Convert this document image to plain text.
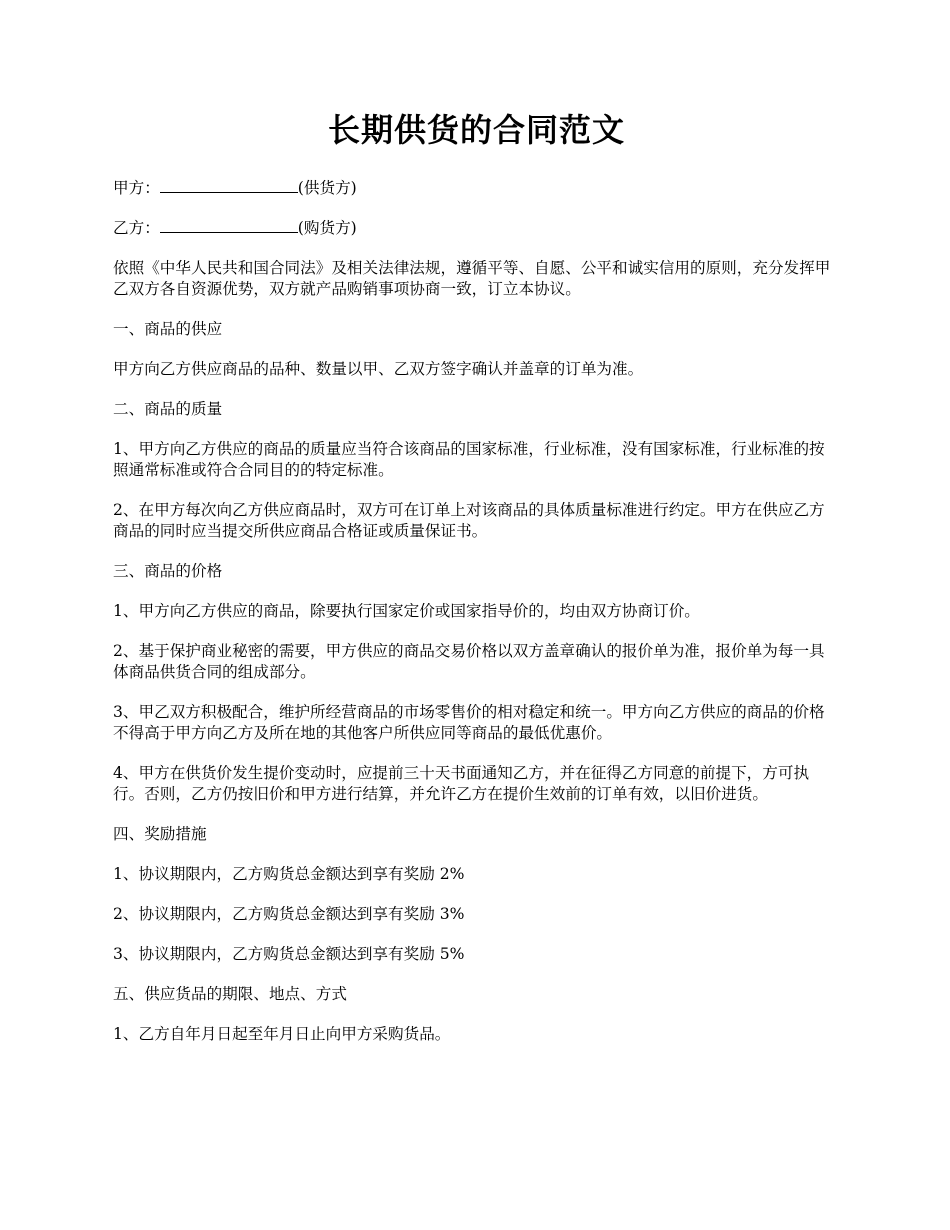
长期供货的合同范文
甲方：	(供货方)
乙方：	(购货方)
依照《中华人民共和国合同法》及相关法律法规，遵循平等、自愿、公平和诚实信用的原则，充分发挥甲乙双方各自资源优势，双方就产品购销事项协商一致，订立本协议。
一、商品的供应
甲方向乙方供应商品的品种、数量以甲、乙双方签字确认并盖章的订单为准。
二、商品的质量
1、甲方向乙方供应的商品的质量应当符合该商品的国家标准，行业标准，没有国家标准，行业标准的按照通常标准或符合合同目的的特定标准。
2、在甲方每次向乙方供应商品时，双方可在订单上对该商品的具体质量标准进行约定。甲方在供应乙方商品的同时应当提交所供应商品合格证或质量保证书。
三、商品的价格
1、甲方向乙方供应的商品，除要执行国家定价或国家指导价的，均由双方协商订价。
2、基于保护商业秘密的需要，甲方供应的商品交易价格以双方盖章确认的报价单为准，报价单为每一具体商品供货合同的组成部分。
3、甲乙双方积极配合，维护所经营商品的市场零售价的相对稳定和统一。甲方向乙方供应的商品的价格不得高于甲方向乙方及所在地的其他客户所供应同等商品的最低优惠价。
4、甲方在供货价发生提价变动时，应提前三十天书面通知乙方，并在征得乙方同意的前提下，方可执行。否则，乙方仍按旧价和甲方进行结算，并允许乙方在提价生效前的订单有效，以旧价进货。
四、奖励措施
1、协议期限内，乙方购货总金额达到享有奖励 2%
2、协议期限内，乙方购货总金额达到享有奖励 3%
3、协议期限内，乙方购货总金额达到享有奖励 5%
五、供应货品的期限、地点、方式
1、乙方自年月日起至年月日止向甲方采购货品。
